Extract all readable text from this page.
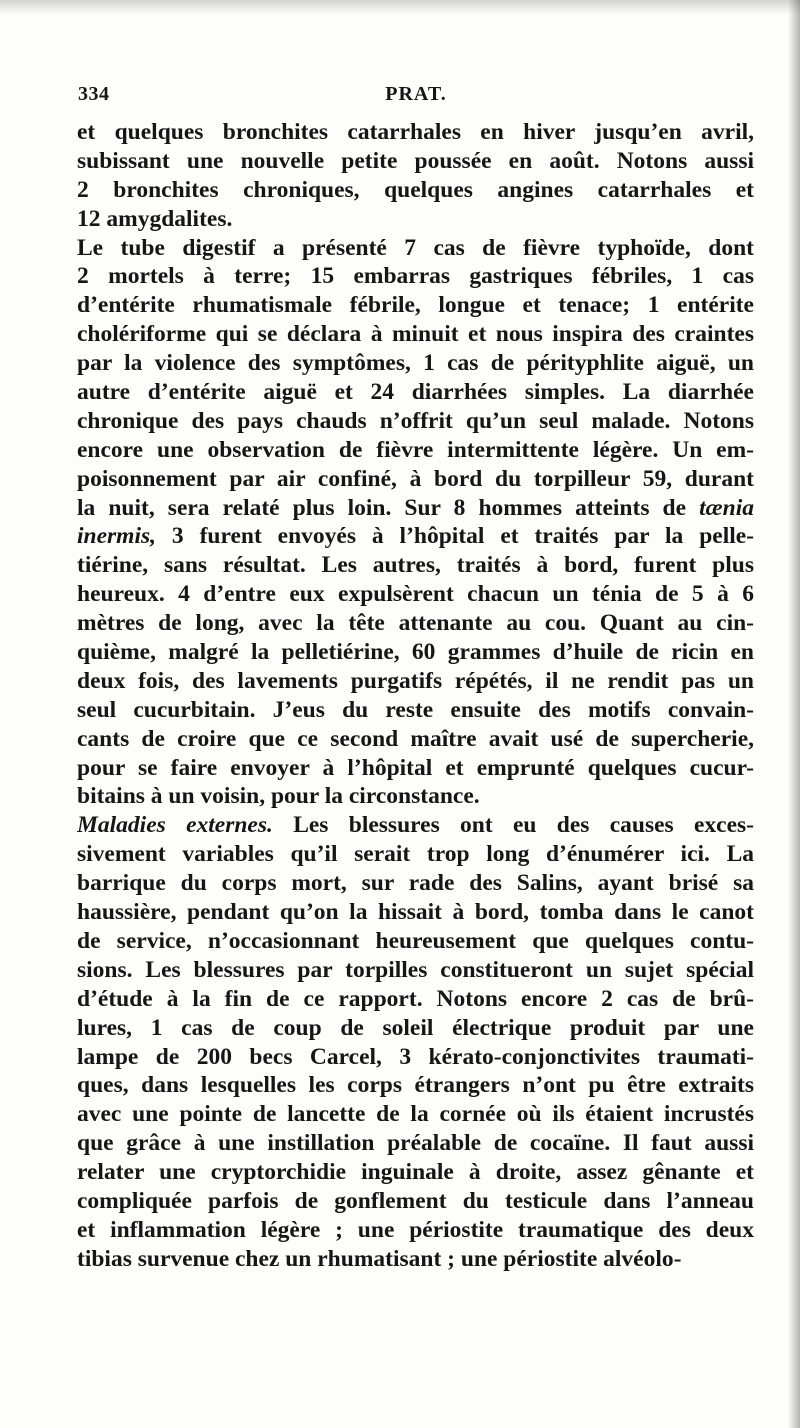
334	PRAT.
et quelques bronchites catarrhales en hiver jusqu’en avril,
subissant une nouvelle petite poussée en août. Notons aussi
2 bronchites chroniques, quelques angines catarrhales et
12 amygdalites.
Le tube digestif a présenté 7 cas de fièvre typhoïde, dont
2 mortels à terre; 15 embarras gastriques fébriles, 1 cas
d’entérite rhumatismale fébrile, longue et tenace; 1 entérite
cholériforme qui se déclara à minuit et nous inspira des craintes
par la violence des symptômes, 1 cas de pérityphlite aiguë, un
autre d’entérite aiguë et 24 diarrhées simples. La diarrhée
chronique des pays chauds n’offrit qu’un seul malade. Notons
encore une observation de fièvre intermittente légère. Un em-
poisonnement par air confiné, à bord du torpilleur 59, durant
la nuit, sera relaté plus loin. Sur 8 hommes atteints de tænia
inermis, 3 furent envoyés à l’hôpital et traités par la pelle-
tiérine, sans résultat. Les autres, traités à bord, furent plus
heureux. 4 d’entre eux expulsèrent chacun un ténia de 5 à 6
mètres de long, avec la tête attenante au cou. Quant au cin-
quième, malgré la pelletiérine, 60 grammes d’huile de ricin en
deux fois, des lavements purgatifs répétés, il ne rendit pas un
seul cucurbitain. J’eus du reste ensuite des motifs convain-
cants de croire que ce second maître avait usé de supercherie,
pour se faire envoyer à l’hôpital et emprunté quelques cucur-
bitains à un voisin, pour la circonstance.
Maladies externes. Les blessures ont eu des causes exces-
sivement variables qu’il serait trop long d’énumérer ici. La
barrique du corps mort, sur rade des Salins, ayant brisé sa
haussière, pendant qu’on la hissait à bord, tomba dans le canot
de service, n’occasionnant heureusement que quelques contu-
sions. Les blessures par torpilles constitueront un sujet spécial
d’étude à la fin de ce rapport. Notons encore 2 cas de brû-
lures, 1 cas de coup de soleil électrique produit par une
lampe de 200 becs Carcel, 3 kérato-conjonctivites traumati-
ques, dans lesquelles les corps étrangers n’ont pu être extraits
avec une pointe de lancette de la cornée où ils étaient incrustés
que grâce à une instillation préalable de cocaïne. Il faut aussi
relater une cryptorchidie inguinale à droite, assez gênante et
compliquée parfois de gonflement du testicule dans l’anneau
et inflammation légère ; une périostite traumatique des deux
tibias survenue chez un rhumatisant ; une périostite alvéolo-
